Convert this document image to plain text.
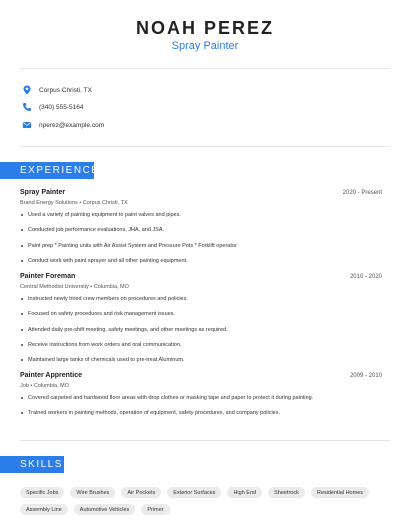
NOAH PEREZ
Spray Painter
Corpus Christi, TX
(340) 555-5164
nperez@example.com
EXPERIENCE
Spray Painter	2020 - Present
Brand Energy Solutions • Corpus Christi, TX
Used a variety of painting equipment to paint valves and pipes.
Conducted job performance evaluations, JHA, and JSA.
Paint prep * Painting units with Air Assist System and Pressure Pots * Forklift operator
Conduct work with paint sprayer and all other painting equipment.
Painter Foreman	2010 - 2020
Central Methodist University • Columbia, MO
Instructed newly hired crew members on procedures and policies.
Focused on safety procedures and risk management issues.
Attended daily pre-shift meeting, safety meetings, and other meetings as required.
Receive instructions from work orders and oral communication.
Maintained large tanks of chemicals used to pre-treat Aluminum.
Painter Apprentice	2009 - 2010
Job • Columbia, MO
Covered carpeted and hardwood floor areas with drop clothes or masking tape and paper to protect it during painting.
Trained workers in painting methods, operation of equipment, safety procedures, and company policies.
SKILLS
Specific Jobs	Wire Brushes	Air Pockets	Exterior Surfaces	High End	Sheetrock	Residential Homes
Assembly Line	Automotive Vehicles	Primer
